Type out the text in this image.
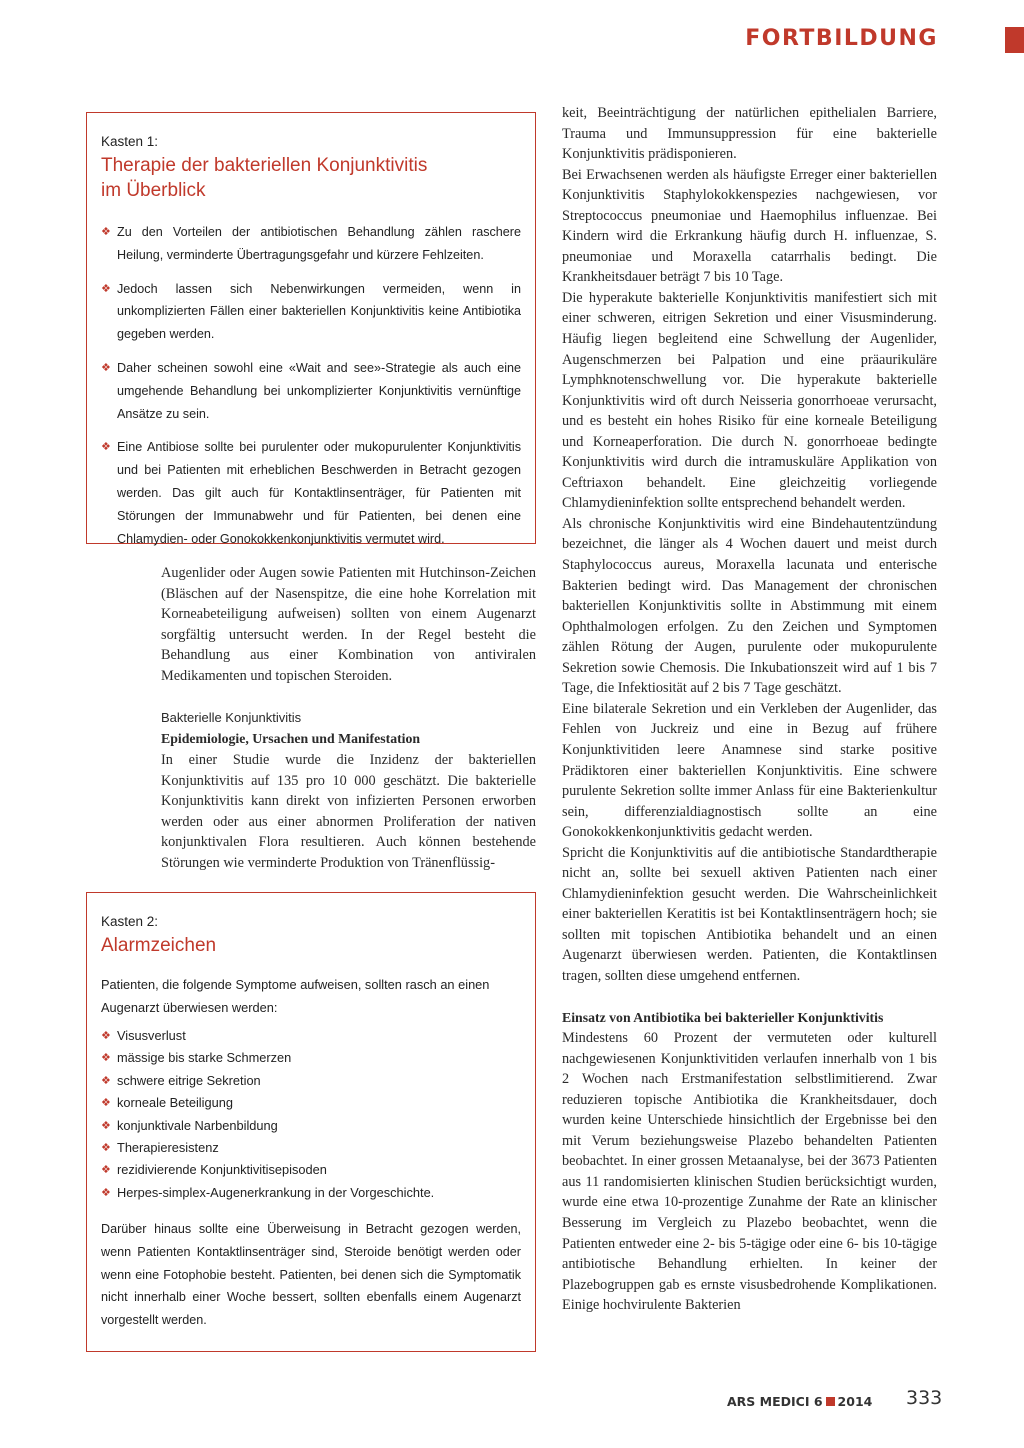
FORTBILDUNG
Kasten 1:
Therapie der bakteriellen Konjunktivitis
im Überblick
❖ Zu den Vorteilen der antibiotischen Behandlung zählen raschere Heilung, verminderte Übertragungsgefahr und kürzere Fehlzeiten.
❖ Jedoch lassen sich Nebenwirkungen vermeiden, wenn in unkomplizierten Fällen einer bakteriellen Konjunktivitis keine Antibiotika gegeben werden.
❖ Daher scheinen sowohl eine «Wait and see»-Strategie als auch eine umgehende Behandlung bei unkomplizierter Konjunktivitis vernünftige Ansätze zu sein.
❖ Eine Antibiose sollte bei purulenter oder mukopurulenter Konjunktivitis und bei Patienten mit erheblichen Beschwerden in Betracht gezogen werden. Das gilt auch für Kontaktlinsenträger, für Patienten mit Störungen der Immunabwehr und für Patienten, bei denen eine Chlamydien- oder Gonokokkenkonjunktivitis vermutet wird.
Augenlider oder Augen sowie Patienten mit Hutchinson-Zeichen (Bläschen auf der Nasenspitze, die eine hohe Korrelation mit Korneabeteiligung aufweisen) sollten von einem Augenarzt sorgfältig untersucht werden. In der Regel besteht die Behandlung aus einer Kombination von antiviralen Medikamenten und topischen Steroiden.
Bakterielle Konjunktivitis
Epidemiologie, Ursachen und Manifestation
In einer Studie wurde die Inzidenz der bakteriellen Konjunktivitis auf 135 pro 10 000 geschätzt. Die bakterielle Konjunktivitis kann direkt von infizierten Personen erworben werden oder aus einer abnormen Proliferation der nativen konjunktivalen Flora resultieren. Auch können bestehende Störungen wie verminderte Produktion von Tränenflüssig-
Kasten 2:
Alarmzeichen
Patienten, die folgende Symptome aufweisen, sollten rasch an einen Augenarzt überwiesen werden:
❖ Visusverlust
❖ mässige bis starke Schmerzen
❖ schwere eitrige Sekretion
❖ korneale Beteiligung
❖ konjunktivale Narbenbildung
❖ Therapieresistenz
❖ rezidivierende Konjunktivitisepisoden
❖ Herpes-simplex-Augenerkrankung in der Vorgeschichte.
Darüber hinaus sollte eine Überweisung in Betracht gezogen werden, wenn Patienten Kontaktlinsenträger sind, Steroide benötigt werden oder wenn eine Fotophobie besteht. Patienten, bei denen sich die Symptomatik nicht innerhalb einer Woche bessert, sollten ebenfalls einem Augenarzt vorgestellt werden.

keit, Beeinträchtigung der natürlichen epithelialen Barriere, Trauma und Immunsuppression für eine bakterielle Konjunktivitis prädisponieren.

Bei Erwachsenen werden als häufigste Erreger einer bakteriellen Konjunktivitis Staphylokokkenspezies nachgewiesen, vor Streptococcus pneumoniae und Haemophilus influenzae. Bei Kindern wird die Erkrankung häufig durch H. influenzae, S. pneumoniae und Moraxella catarrhalis bedingt. Die Krankheitsdauer beträgt 7 bis 10 Tage.

Die hyperakute bakterielle Konjunktivitis manifestiert sich mit einer schweren, eitrigen Sekretion und einer Visusminderung. Häufig liegen begleitend eine Schwellung der Augenlider, Augenschmerzen bei Palpation und eine präaurikuläre Lymphknotenschwellung vor. Die hyperakute bakterielle Konjunktivitis wird oft durch Neisseria gonorrhoeae verursacht, und es besteht ein hohes Risiko für eine korneale Beteiligung und Korneaperforation. Die durch N. gonorrhoeae bedingte Konjunktivitis wird durch die intramuskuläre Applikation von Ceftriaxon behandelt. Eine gleichzeitig vorliegende Chlamydieninfektion sollte entsprechend behandelt werden.

Als chronische Konjunktivitis wird eine Bindehautentzündung bezeichnet, die länger als 4 Wochen dauert und meist durch Staphylococcus aureus, Moraxella lacunata und enterische Bakterien bedingt wird. Das Management der chronischen bakteriellen Konjunktivitis sollte in Abstimmung mit einem Ophthalmologen erfolgen. Zu den Zeichen und Symptomen zählen Rötung der Augen, purulente oder mukopurulente Sekretion sowie Chemosis. Die Inkubationszeit wird auf 1 bis 7 Tage, die Infektiosität auf 2 bis 7 Tage geschätzt.

Eine bilaterale Sekretion und ein Verkleben der Augenlider, das Fehlen von Juckreiz und eine in Bezug auf frühere Konjunktivitiden leere Anamnese sind starke positive Prädiktoren einer bakteriellen Konjunktivitis. Eine schwere purulente Sekretion sollte immer Anlass für eine Bakterienkultur sein, differenzialdiagnostisch sollte an eine Gonokokkenkonjunktivitis gedacht werden.

Spricht die Konjunktivitis auf die antibiotische Standardtherapie nicht an, sollte bei sexuell aktiven Patienten nach einer Chlamydieninfektion gesucht werden. Die Wahrscheinlichkeit einer bakteriellen Keratitis ist bei Kontaktlinsenträgern hoch; sie sollten mit topischen Antibiotika behandelt und an einen Augenarzt überwiesen werden. Patienten, die Kontaktlinsen tragen, sollten diese umgehend entfernen.

Einsatz von Antibiotika bei bakterieller Konjunktivitis

Mindestens 60 Prozent der vermuteten oder kulturell nachgewiesenen Konjunktivitiden verlaufen innerhalb von 1 bis 2 Wochen nach Erstmanifestation selbstlimitierend. Zwar reduzieren topische Antibiotika die Krankheitsdauer, doch wurden keine Unterschiede hinsichtlich der Ergebnisse bei den mit Verum beziehungsweise Plazebo behandelten Patienten beobachtet. In einer grossen Metaanalyse, bei der 3673 Patienten aus 11 randomisierten klinischen Studien berücksichtigt wurden, wurde eine etwa 10-prozentige Zunahme der Rate an klinischer Besserung im Vergleich zu Plazebo beobachtet, wenn die Patienten entweder eine 2- bis 5-tägige oder eine 6- bis 10-tägige antibiotische Behandlung erhielten. In keiner der Plazebogruppen gab es ernste visusbedrohende Komplikationen. Einige hochvirulente Bakterien

ARS MEDICI 6 2014 333
